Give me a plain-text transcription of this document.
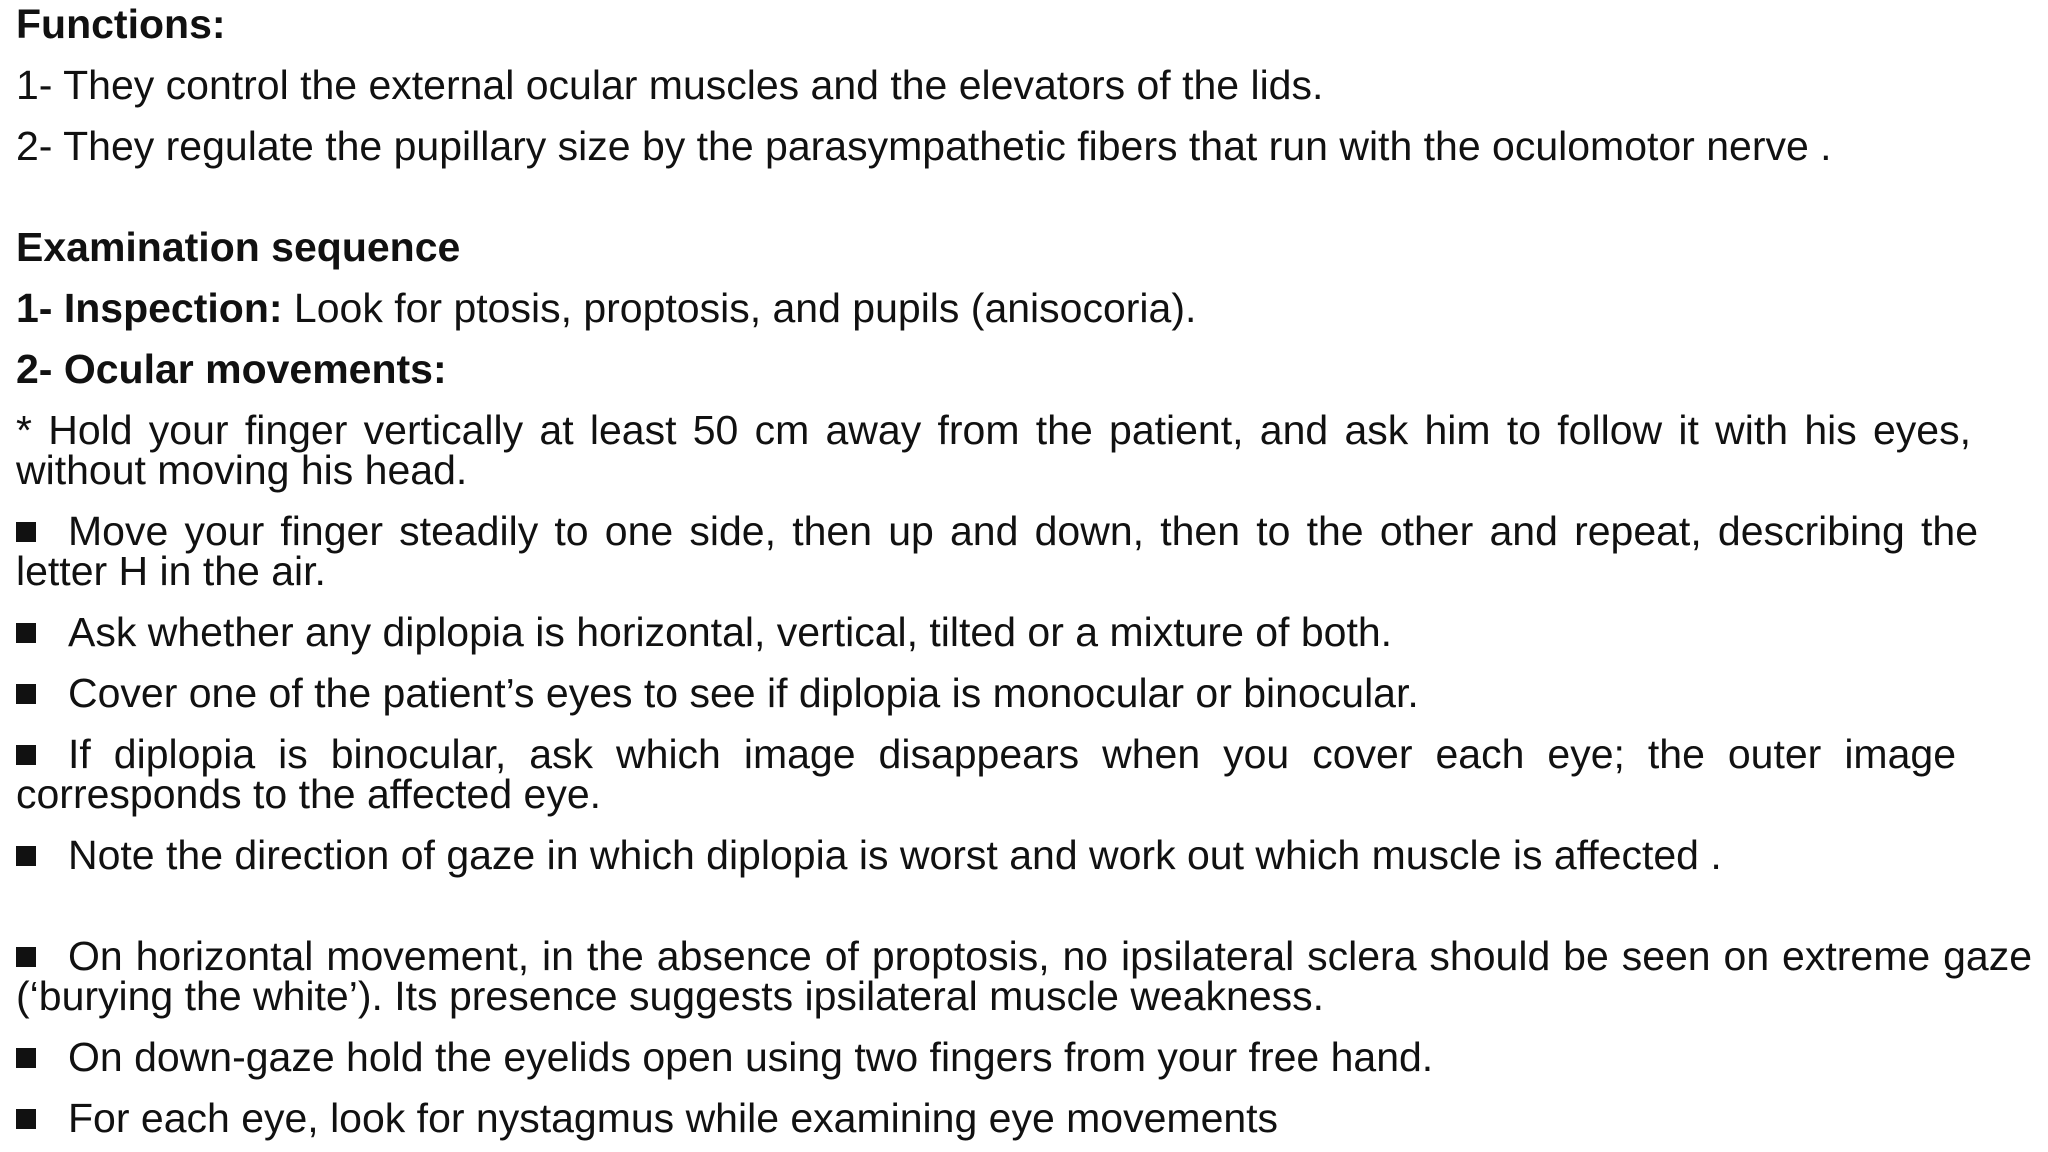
Functions:
1- They control the external ocular muscles and the elevators of the lids.
2- They regulate the pupillary size by the parasympathetic fibers that run with the oculomotor nerve .
Examination sequence
1- Inspection: Look for ptosis, proptosis, and pupils (anisocoria).
2- Ocular movements:
* Hold your finger vertically at least 50 cm away from the patient, and ask him to follow it with his eyes, without moving his head.
Move your finger steadily to one side, then up and down, then to the other and repeat, describing the letter H in the air.
Ask whether any diplopia is horizontal, vertical, tilted or a mixture of both.
Cover one of the patient’s eyes to see if diplopia is monocular or binocular.
If diplopia is binocular, ask which image disappears when you cover each eye; the outer image corresponds to the affected eye.
Note the direction of gaze in which diplopia is worst and work out which muscle is affected .
On horizontal movement, in the absence of proptosis, no ipsilateral sclera should be seen on extreme gaze (‘burying the white’). Its presence suggests ipsilateral muscle weakness.
On down-gaze hold the eyelids open using two fingers from your free hand.
For each eye, look for nystagmus while examining eye movements
